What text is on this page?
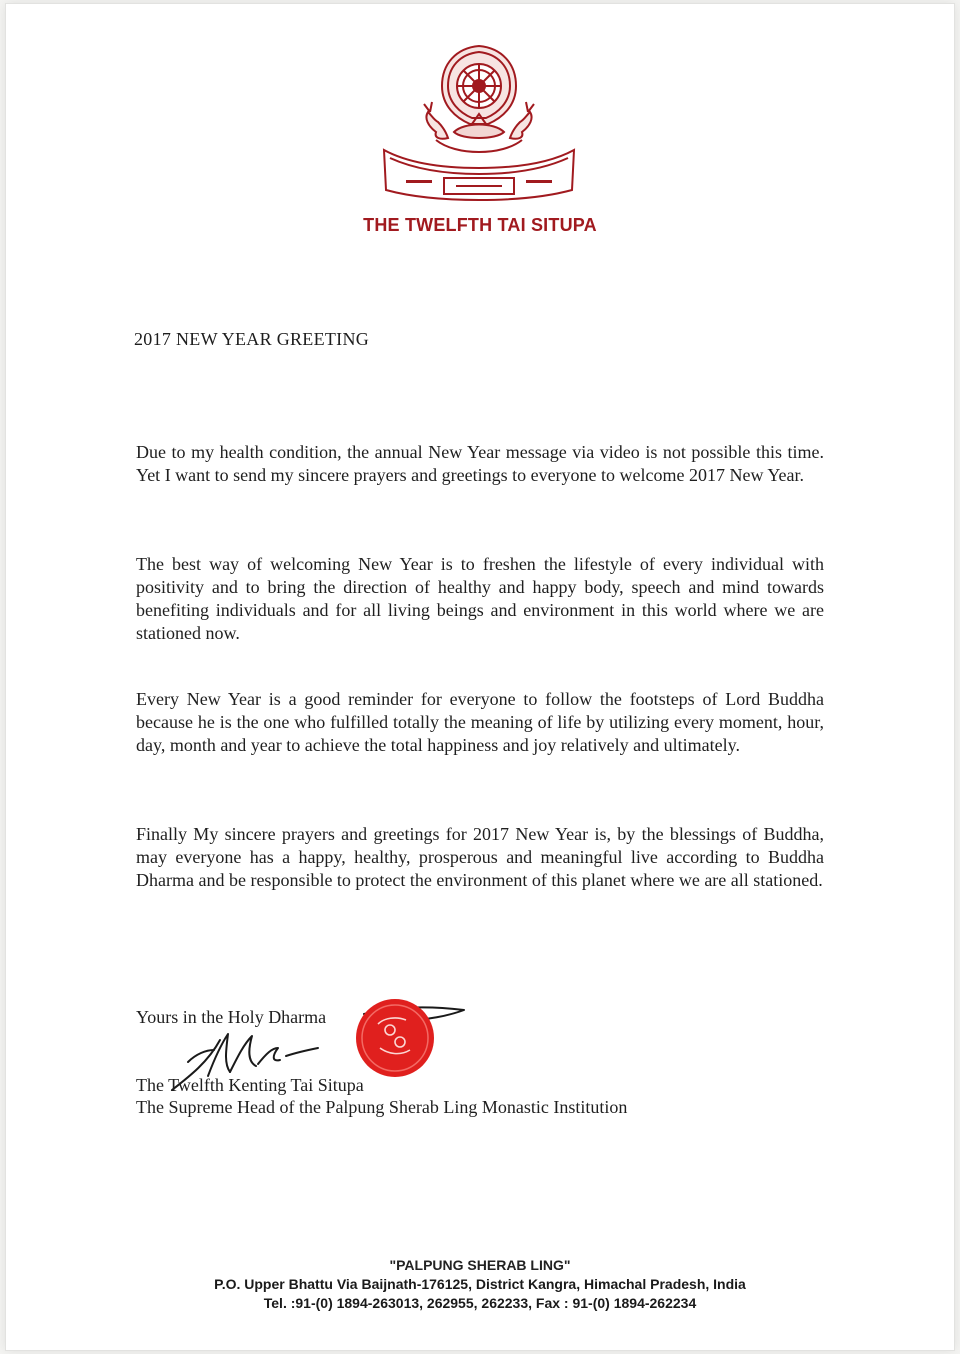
THE TWELFTH TAI SITUPA
2017 NEW YEAR GREETING

Due to my health condition, the annual New Year message via video is not possible this time. Yet I want to send my sincere prayers and greetings to everyone to welcome 2017 New Year.

The best way of welcoming New Year is to freshen the lifestyle of every individual with positivity and to bring the direction of healthy and happy body, speech and mind towards benefiting individuals and for all living beings and environment in this world where we are stationed now.

Every New Year is a good reminder for everyone to follow the footsteps of Lord Buddha because he is the one who fulfilled totally the meaning of life by utilizing every moment, hour, day, month and year to achieve the total happiness and joy relatively and ultimately.

Finally My sincere prayers and greetings for 2017 New Year is, by the blessings of Buddha, may everyone has a happy, healthy, prosperous and meaningful live according to Buddha Dharma and be responsible to protect the environment of this planet where we are all stationed.

Yours in the Holy Dharma
The Twelfth Kenting Tai Situpa
The Supreme Head of the Palpung Sherab Ling Monastic Institution
"PALPUNG SHERAB LING"
P.O. Upper Bhattu Via Baijnath-176125, District Kangra, Himachal Pradesh, India
Tel. :91-(0) 1894-263013, 262955, 262233, Fax : 91-(0) 1894-262234
